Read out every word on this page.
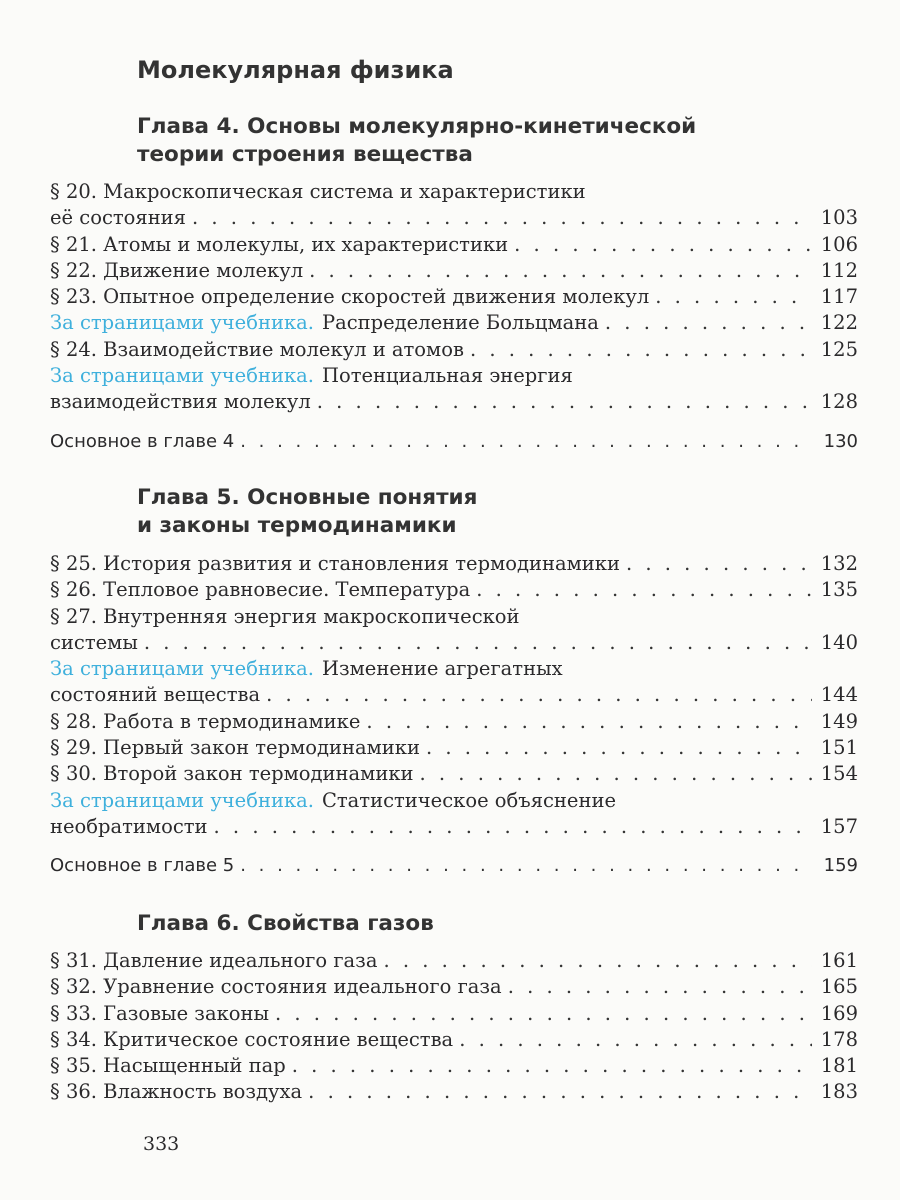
Молекулярная физика
Глава 4. Основы молекулярно-кинетической
теории строения вещества
§ 20. Макроскопическая система и характеристики
её состояния . . .	103
§ 21. Атомы и молекулы, их характеристики . . .	106
§ 22. Движение молекул . . .	112
§ 23. Опытное определение скоростей движения молекул . . .	117
За страницами учебника. Распределение Больцмана . . .	122
§ 24. Взаимодействие молекул и атомов . . .	125
За страницами учебника. Потенциальная энергия
взаимодействия молекул . . .	128
Основное в главе 4 . . .	130
Глава 5. Основные понятия
и законы термодинамики
§ 25. История развития и становления термодинамики . . .	132
§ 26. Тепловое равновесие. Температура . . .	135
§ 27. Внутренняя энергия макроскопической
системы . . .	140
За страницами учебника. Изменение агрегатных
состояний вещества . . .	144
§ 28. Работа в термодинамике . . .	149
§ 29. Первый закон термодинамики . . .	151
§ 30. Второй закон термодинамики . . .	154
За страницами учебника. Статистическое объяснение
необратимости . . .	157
Основное в главе 5 . . .	159
Глава 6. Свойства газов
§ 31. Давление идеального газа . . .	161
§ 32. Уравнение состояния идеального газа . . .	165
§ 33. Газовые законы . . .	169
§ 34. Критическое состояние вещества . . .	178
§ 35. Насыщенный пар . . .	181
§ 36. Влажность воздуха . . .	183
333
